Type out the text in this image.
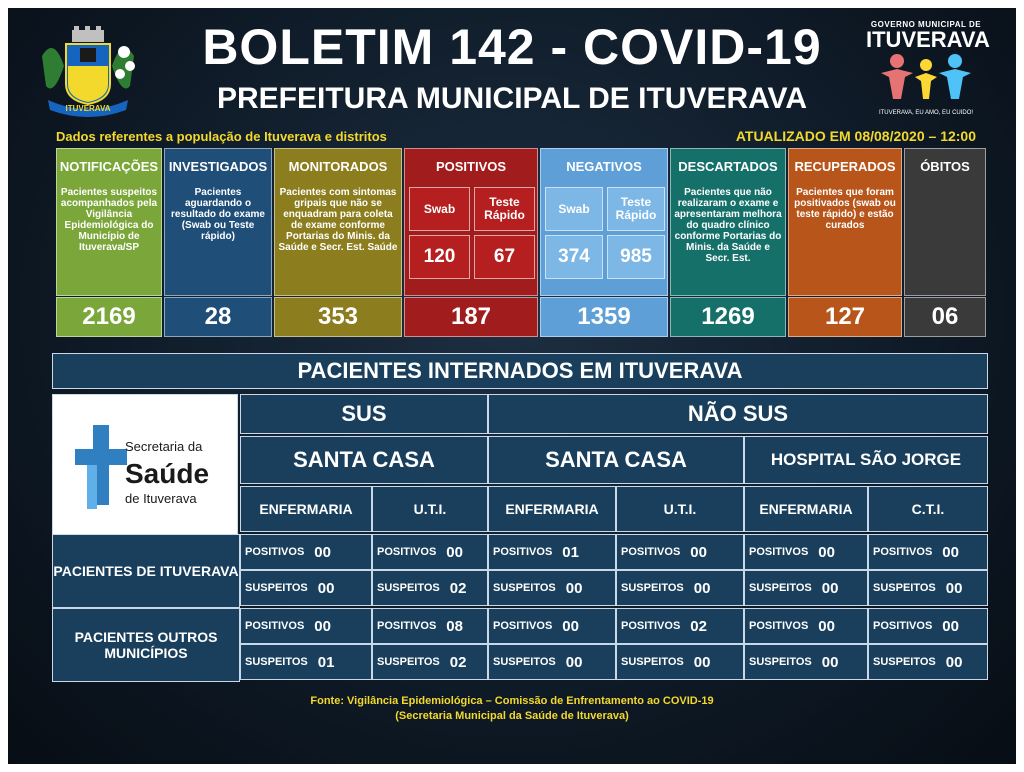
ITUVERAVA
BOLETIM 142 - COVID-19
PREFEITURA MUNICIPAL DE ITUVERAVA
GOVERNO MUNICIPAL DE
ITUVERAVA
ITUVERAVA, EU AMO, EU CUIDO!
Dados referentes a população de Ituverava e distritos	ATUALIZADO EM 08/08/2020 – 12:00
NOTIFICAÇÕES
Pacientes suspeitos acompanhados pela Vigilância Epidemiológica do Município de Ituverava/SP
2169
INVESTIGADOS
Pacientes aguardando o resultado do exame (Swab ou Teste rápido)
28
MONITORADOS
Pacientes com sintomas gripais que não se enquadram para coleta de exame conforme Portarias do Minis. da Saúde e Secr. Est. Saúde
353
POSITIVOS
Swab
120
Teste Rápido
67
187
NEGATIVOS
Swab
374
Teste Rápido
985
1359
DESCARTADOS
Pacientes que não realizaram o exame e apresentaram melhora do quadro clínico conforme Portarias do Minis. da Saúde e Secr. Est.
1269
RECUPERADOS
Pacientes que foram positivados (swab ou teste rápido) e estão curados
127
ÓBITOS
06
PACIENTES INTERNADOS EM ITUVERAVA
Secretaria da
Saúde
de Ituverava
SUS	NÃO SUS
SANTA CASA	SANTA CASA	HOSPITAL SÃO JORGE
ENFERMARIA	U.T.I.	ENFERMARIA	U.T.I.	ENFERMARIA	C.T.I.
PACIENTES DE ITUVERAVA
PACIENTES OUTROS MUNICÍPIOS
POSITIVOS 00	POSITIVOS 00	POSITIVOS 01	POSITIVOS 00	POSITIVOS 00	POSITIVOS 00
SUSPEITOS 00	SUSPEITOS 02 SUSPEITOS 00	SUSPEITOS 00	SUSPEITOS 00	SUSPEITOS 00
POSITIVOS 00	POSITIVOS 08	POSITIVOS 00	POSITIVOS 02	POSITIVOS 00	POSITIVOS 00
SUSPEITOS 01	SUSPEITOS 02 SUSPEITOS 00	SUSPEITOS 00	SUSPEITOS 00	SUSPEITOS 00
Fonte: Vigilância Epidemiológica – Comissão de Enfrentamento ao COVID-19
(Secretaria Municipal da Saúde de Ituverava)
